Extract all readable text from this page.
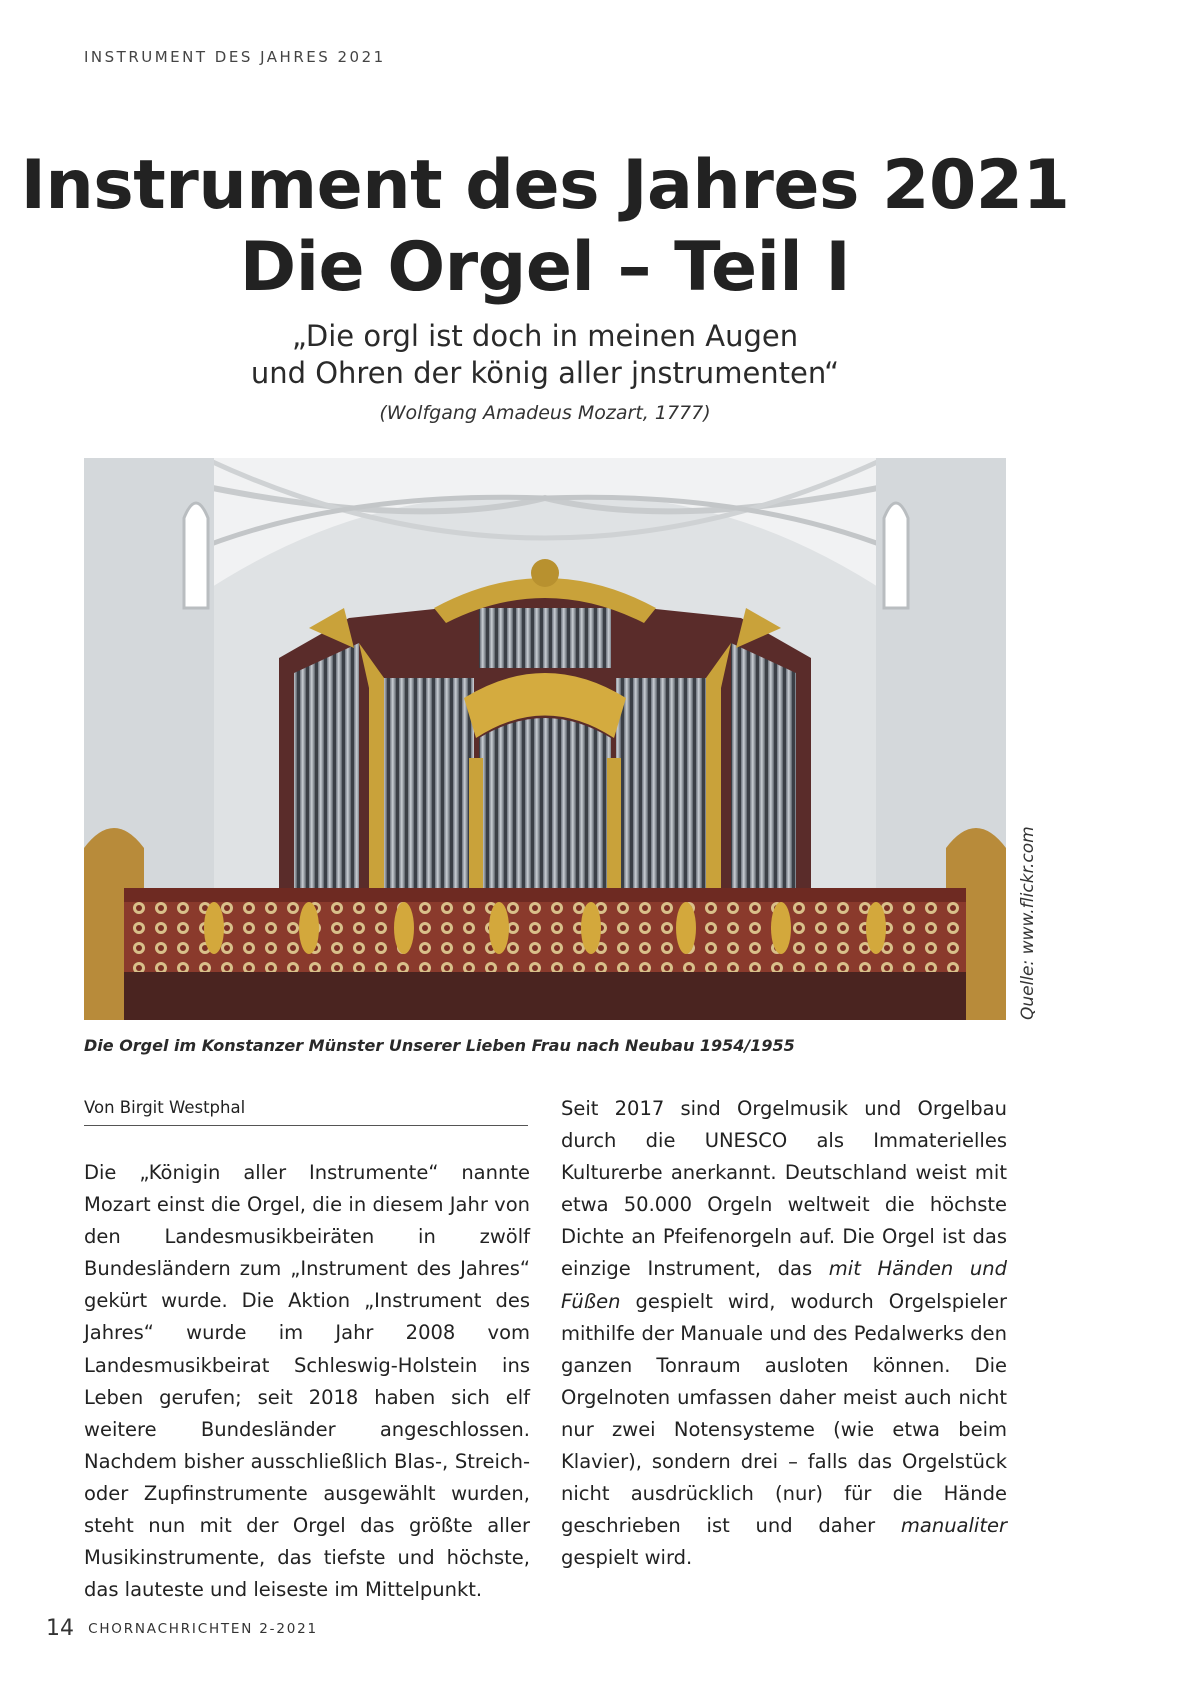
INSTRUMENT DES JAHRES 2021
Instrument des Jahres 2021
Die Orgel – Teil I
„Die orgl ist doch in meinen Augen
und Ohren der könig aller jnstrumenten“
(Wolfgang Amadeus Mozart, 1777)
Quelle: www.flickr.com
Die Orgel im Konstanzer Münster Unserer Lieben Frau nach Neubau 1954/1955
Von Birgit Westphal
Die „Königin aller Instrumente“ nannte Mozart einst die Orgel, die in diesem Jahr von den Landesmusikbeiräten in zwölf Bundesländern zum „Instrument des Jahres“ gekürt wurde. Die Aktion „Instrument des Jahres“ wurde im Jahr 2008 vom Landesmusikbeirat Schleswig-Holstein ins Leben gerufen; seit 2018 haben sich elf weitere Bundesländer angeschlossen. Nachdem bisher ausschließlich Blas-, Streich- oder Zupfinstrumente ausgewählt wurden, steht nun mit der Orgel das größte aller Musikinstrumente, das tiefste und höchste, das lauteste und leiseste im Mittelpunkt.
Seit 2017 sind Orgelmusik und Orgelbau durch die UNESCO als Immaterielles Kulturerbe anerkannt. Deutschland weist mit etwa 50.000 Orgeln weltweit die höchste Dichte an Pfeifenorgeln auf. Die Orgel ist das einzige Instrument, das mit Händen und Füßen gespielt wird, wodurch Orgelspieler mithilfe der Manuale und des Pedalwerks den ganzen Tonraum ausloten können. Die Orgelnoten umfassen daher meist auch nicht nur zwei Notensysteme (wie etwa beim Klavier), sondern drei – falls das Orgelstück nicht ausdrücklich (nur) für die Hände geschrieben ist und daher manualiter gespielt wird.
14 CHORNACHRICHTEN 2-2021
